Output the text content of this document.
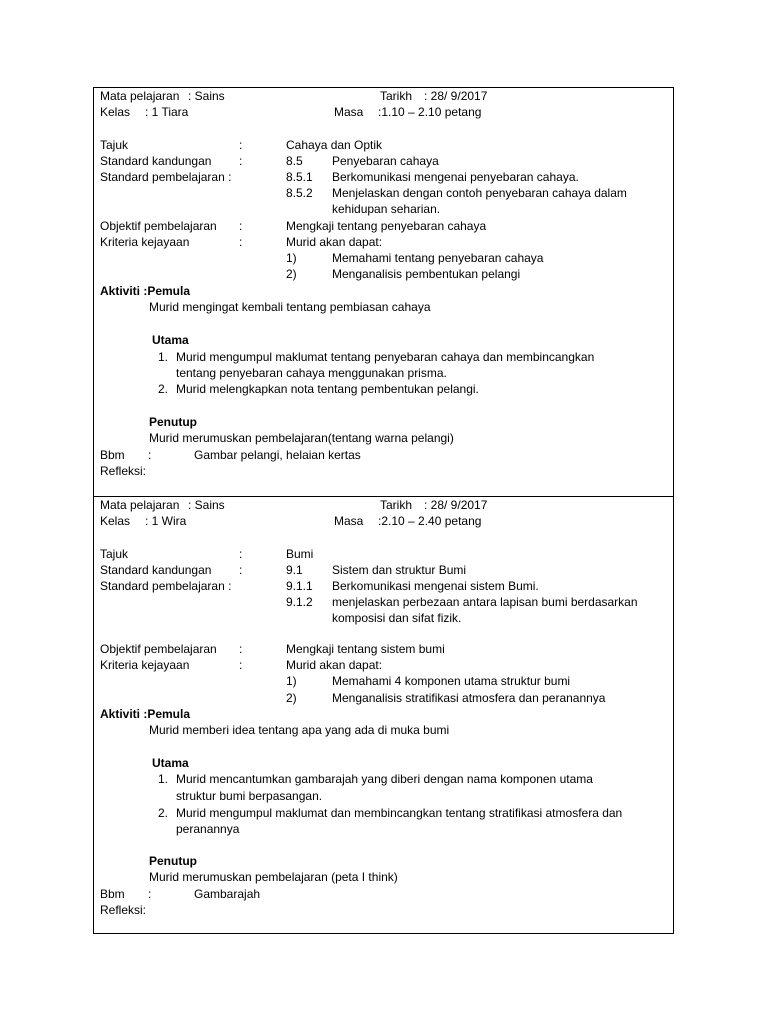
Mata pelajaran : Sains	Tarikh : 28/ 9/2017
Kelas : 1 Tiara	Masa :1.10 – 2.10 petang
Tajuk	:	Cahaya dan Optik
Standard kandungan :	8.5 Penyebaran cahaya
Standard pembelajaran :	8.5.1 Berkomunikasi mengenai penyebaran cahaya.
8.5.2 Menjelaskan dengan contoh penyebaran cahaya dalam
kehidupan seharian.
Objektif pembelajaran :	Mengkaji tentang penyebaran cahaya
Kriteria kejayaan	:	Murid akan dapat:
1)	Memahami tentang penyebaran cahaya
2)	Menganalisis pembentukan pelangi
Aktiviti :Pemula
Murid mengingat kembali tentang pembiasan cahaya
Utama
1. Murid mengumpul maklumat tentang penyebaran cahaya dan membincangkan
tentang penyebaran cahaya menggunakan prisma.
2. Murid melengkapkan nota tentang pembentukan pelangi.
Penutup
Murid merumuskan pembelajaran(tentang warna pelangi)
Bbm :	Gambar pelangi, helaian kertas
Refleksi:
Mata pelajaran : Sains	Tarikh : 28/ 9/2017
Kelas : 1 Wira	Masa :2.10 – 2.40 petang
Tajuk	:	Bumi
Standard kandungan :	9.1 Sistem dan struktur Bumi
Standard pembelajaran :	9.1.1 Berkomunikasi mengenai sistem Bumi.
9.1.2 menjelaskan perbezaan antara lapisan bumi berdasarkan
komposisi dan sifat fizik.
Objektif pembelajaran :	Mengkaji tentang sistem bumi
Kriteria kejayaan	:	Murid akan dapat:
1)	Memahami 4 komponen utama struktur bumi
2)	Menganalisis stratifikasi atmosfera dan peranannya
Aktiviti :Pemula
Murid memberi idea tentang apa yang ada di muka bumi
Utama
1. Murid mencantumkan gambarajah yang diberi dengan nama komponen utama
struktur bumi berpasangan.
2. Murid mengumpul maklumat dan membincangkan tentang stratifikasi atmosfera dan
peranannya
Penutup
Murid merumuskan pembelajaran (peta I think)
Bbm :	Gambarajah
Refleksi:
